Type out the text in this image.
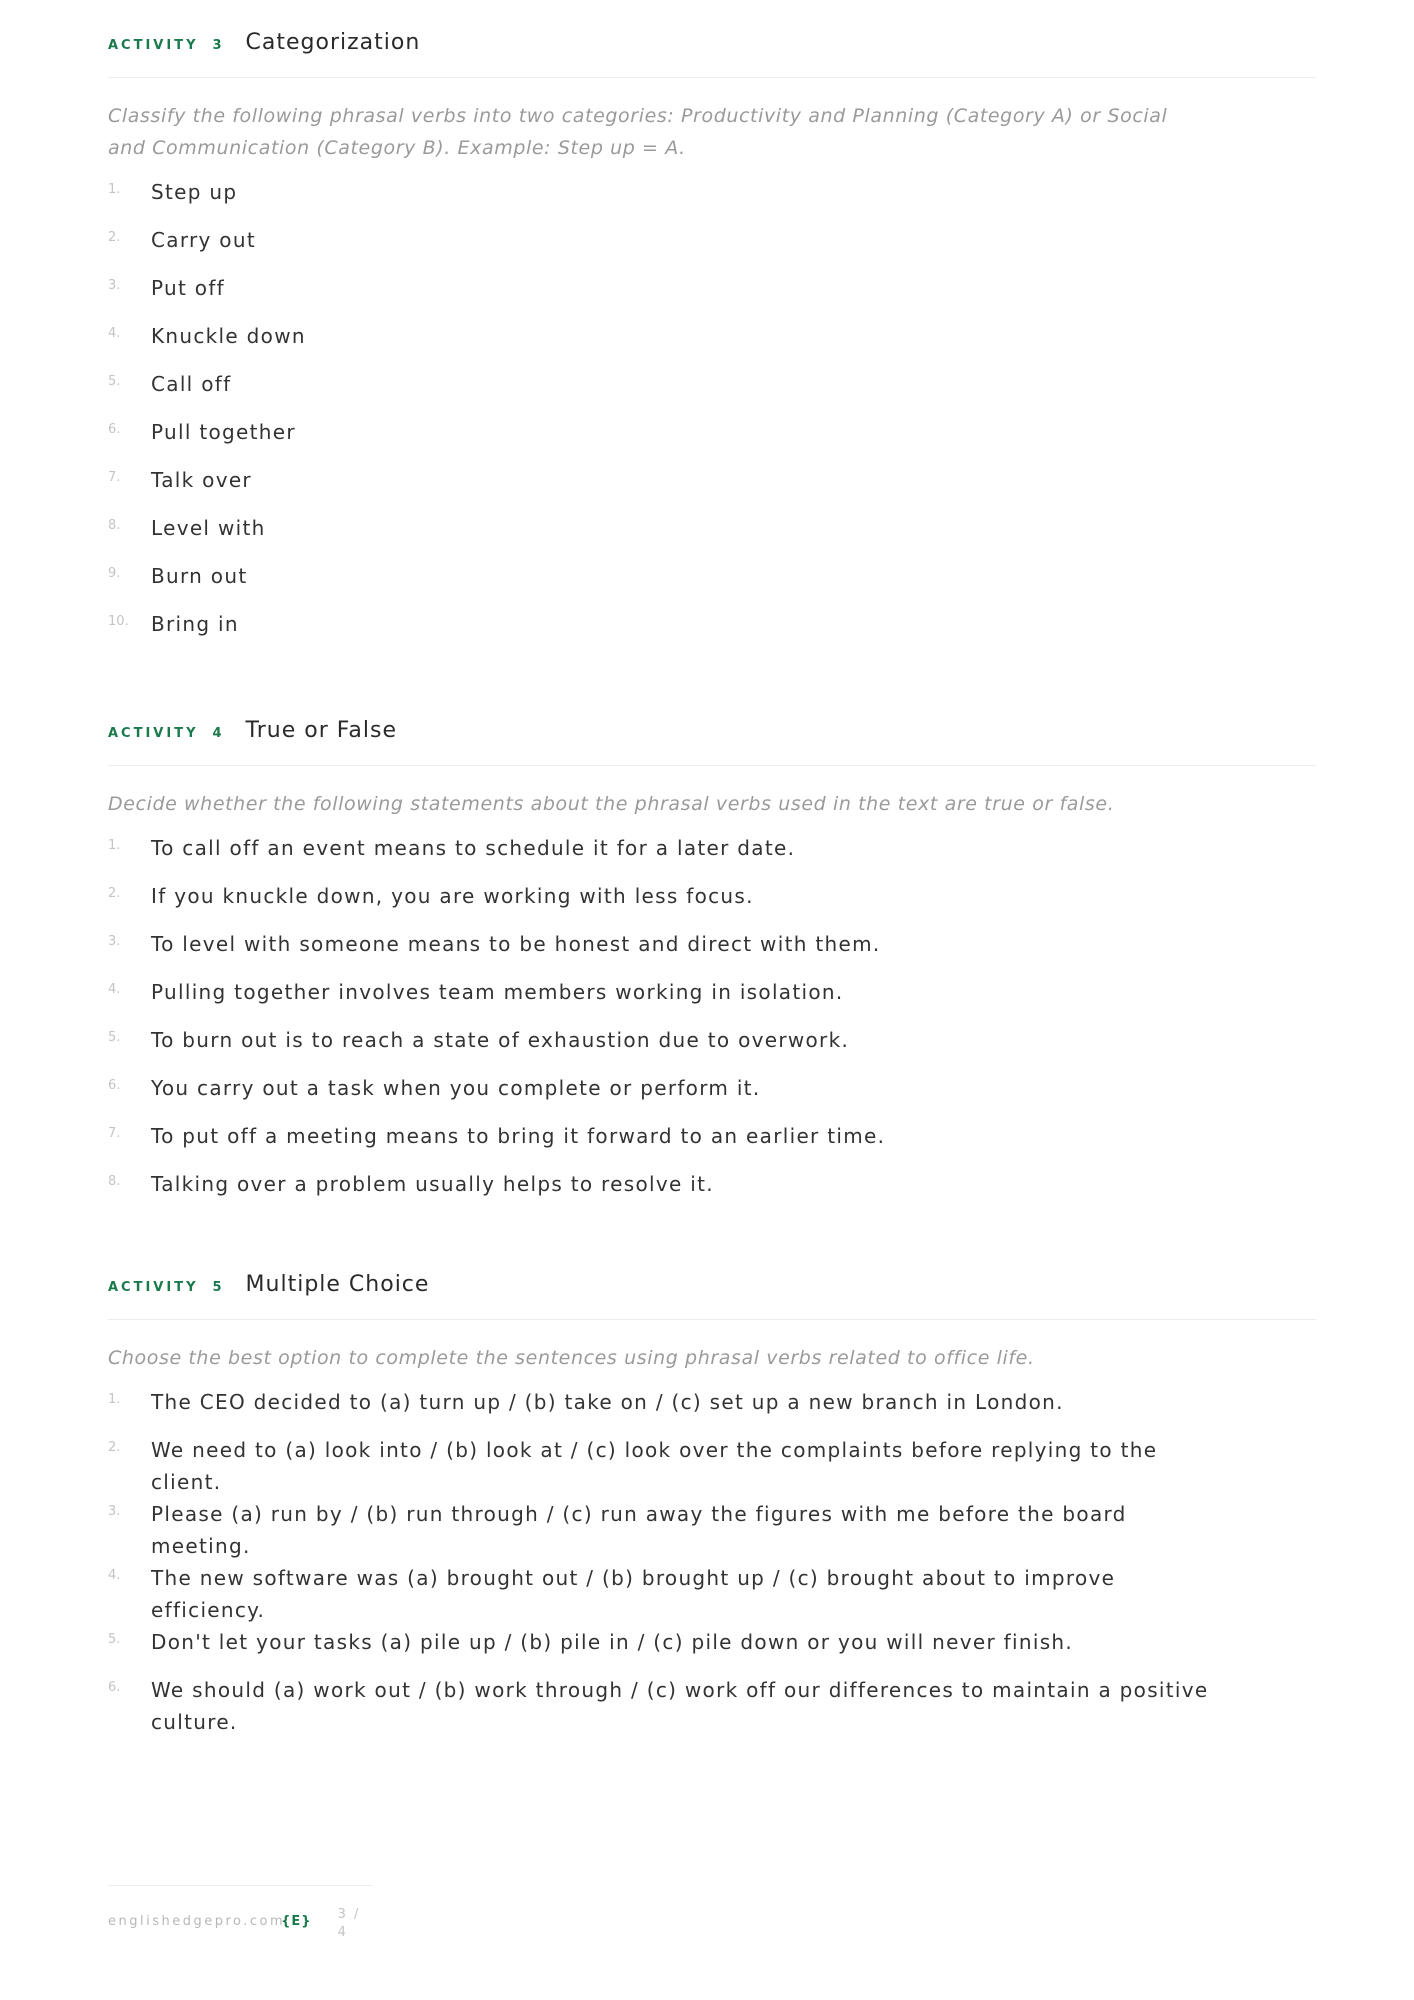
ACTIVITY 3 Categorization
Classify the following phrasal verbs into two categories: Productivity and Planning (Category A) or Social and Communication (Category B). Example: Step up = A.
1.	Step up
2.	Carry out
3.	Put off
4.	Knuckle down
5.	Call off
6.	Pull together
7.	Talk over
8.	Level with
9.	Burn out
10.	Bring in
ACTIVITY 4 True or False
Decide whether the following statements about the phrasal verbs used in the text are true or false.
1.	To call off an event means to schedule it for a later date.
2.	If you knuckle down, you are working with less focus.
3.	To level with someone means to be honest and direct with them.
4.	Pulling together involves team members working in isolation.
5.	To burn out is to reach a state of exhaustion due to overwork.
6.	You carry out a task when you complete or perform it.
7.	To put off a meeting means to bring it forward to an earlier time.
8.	Talking over a problem usually helps to resolve it.
ACTIVITY 5 Multiple Choice
Choose the best option to complete the sentences using phrasal verbs related to office life.
1.	The CEO decided to (a) turn up / (b) take on / (c) set up a new branch in London.
2.	We need to (a) look into / (b) look at / (c) look over the complaints before replying to the client.
3.	Please (a) run by / (b) run through / (c) run away the figures with me before the board meeting.
4.	The new software was (a) brought out / (b) brought up / (c) brought about to improve efficiency.
5.	Don't let your tasks (a) pile up / (b) pile in / (c) pile down or you will never finish.
6.	We should (a) work out / (b) work through / (c) work off our differences to maintain a positive culture.
englishedgepro.com
{E} 3 / 4
